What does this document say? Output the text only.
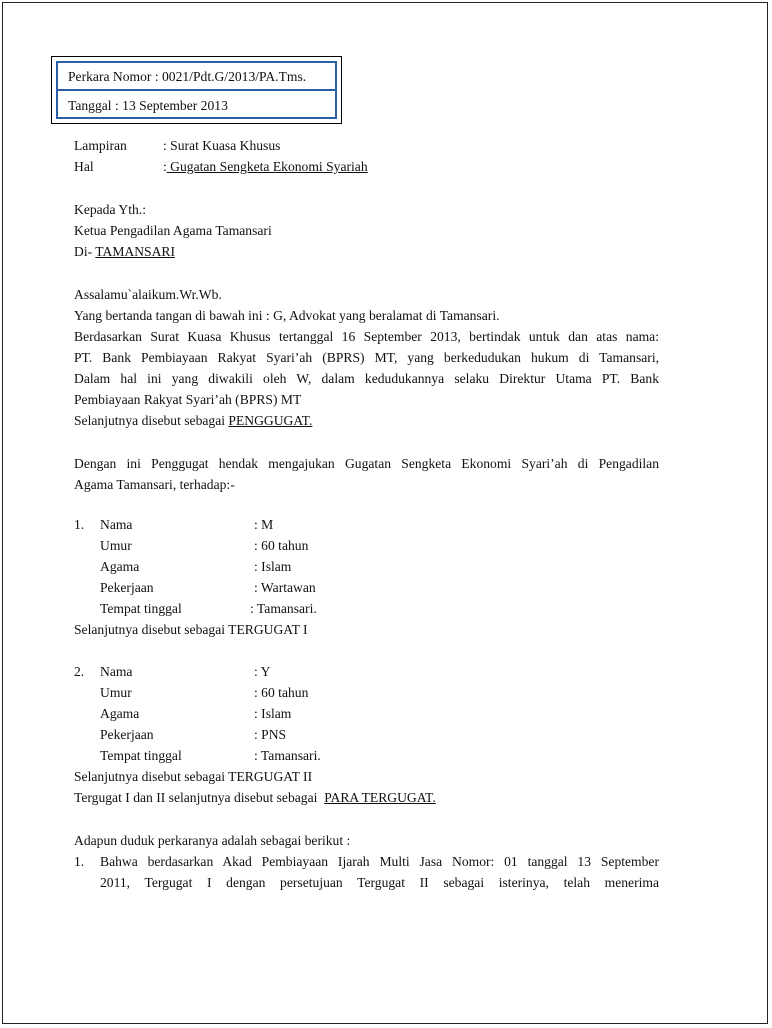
Perkara Nomor : 0021/Pdt.G/2013/PA.Tms.
Tanggal : 13 September 2013
Lampiran	: Surat Kuasa Khusus
Hal	: Gugatan Sengketa Ekonomi Syariah
Kepada Yth.:
Ketua Pengadilan Agama Tamansari
Di- TAMANSARI
Assalamu`alaikum.Wr.Wb.
Yang bertanda tangan di bawah ini : G, Advokat yang beralamat di Tamansari.
Berdasarkan Surat Kuasa Khusus tertanggal 16 September 2013, bertindak untuk dan atas nama:
PT. Bank Pembiayaan Rakyat Syari’ah (BPRS) MT, yang berkedudukan hukum di Tamansari,
Dalam hal ini yang diwakili oleh W, dalam kedudukannya selaku Direktur Utama PT. Bank
Pembiayaan Rakyat Syari’ah (BPRS) MT
Selanjutnya disebut sebagai PENGGUGAT.
Dengan ini Penggugat hendak mengajukan Gugatan Sengketa Ekonomi Syari’ah di Pengadilan
Agama Tamansari, terhadap:-
1. Nama	: M
Umur	: 60 tahun
Agama	: Islam
Pekerjaan	: Wartawan
Tempat tinggal	: Tamansari.
Selanjutnya disebut sebagai TERGUGAT I
2. Nama	: Y
Umur	: 60 tahun
Agama	: Islam
Pekerjaan	: PNS
Tempat tinggal	: Tamansari.
Selanjutnya disebut sebagai TERGUGAT II
Tergugat I dan II selanjutnya disebut sebagai  PARA TERGUGAT.
Adapun duduk perkaranya adalah sebagai berikut :
1. Bahwa berdasarkan Akad Pembiayaan Ijarah Multi Jasa Nomor: 01 tanggal 13 September
2011, Tergugat I dengan persetujuan Tergugat II sebagai isterinya, telah menerima
